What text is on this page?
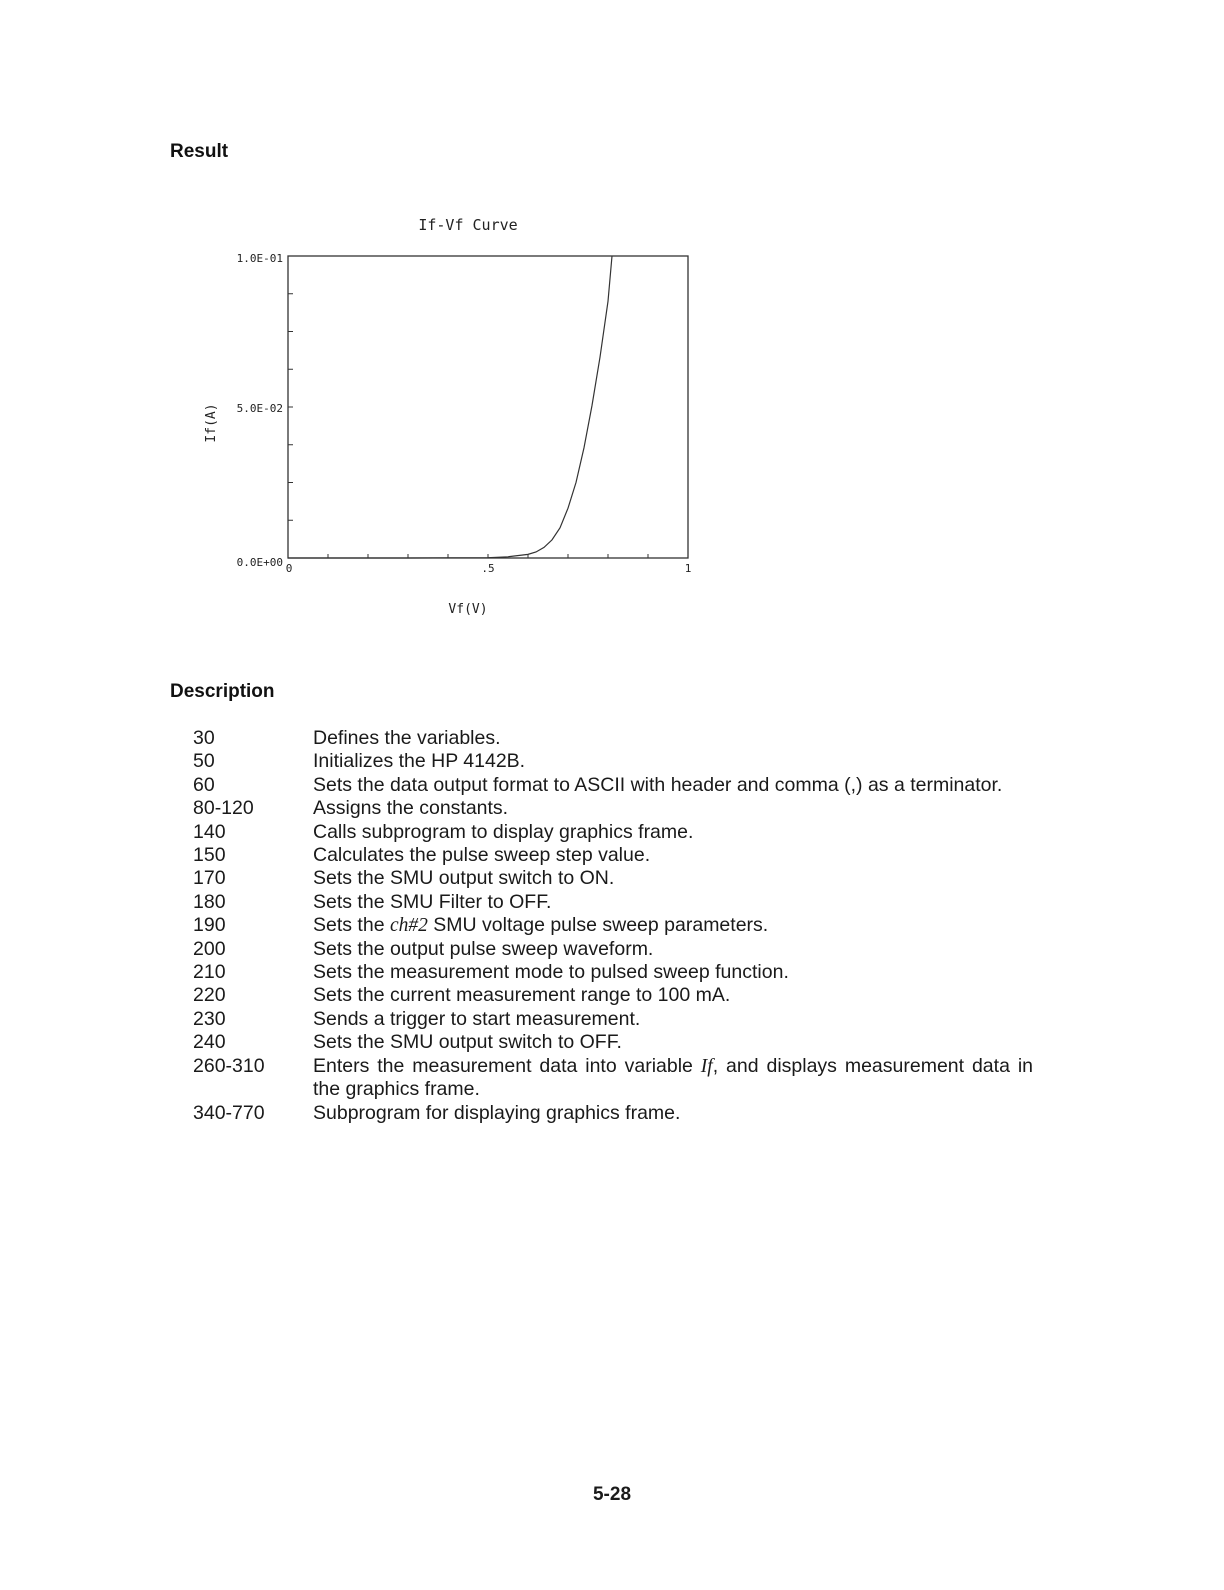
Result
If-Vf Curve
0.0E+00
5.0E-02
1.0E-01
0	.5	1
Vf(V)
If(A)
Description
30	Defines the variables.
50	Initializes the HP 4142B.
60	Sets the data output format to ASCII with header and comma (,) as a terminator.
80-120	Assigns the constants.
140	Calls subprogram to display graphics frame.
150	Calculates the pulse sweep step value.
170	Sets the SMU output switch to ON.
180	Sets the SMU Filter to OFF.
190	Sets the ch#2 SMU voltage pulse sweep parameters.
200	Sets the output pulse sweep waveform.
210	Sets the measurement mode to pulsed sweep function.
220	Sets the current measurement range to 100 mA.
230	Sends a trigger to start measurement.
240	Sets the SMU output switch to OFF.
260-310	Enters the measurement data into variable If, and displays measurement data in the graphics frame.
340-770	Subprogram for displaying graphics frame.
5-28
